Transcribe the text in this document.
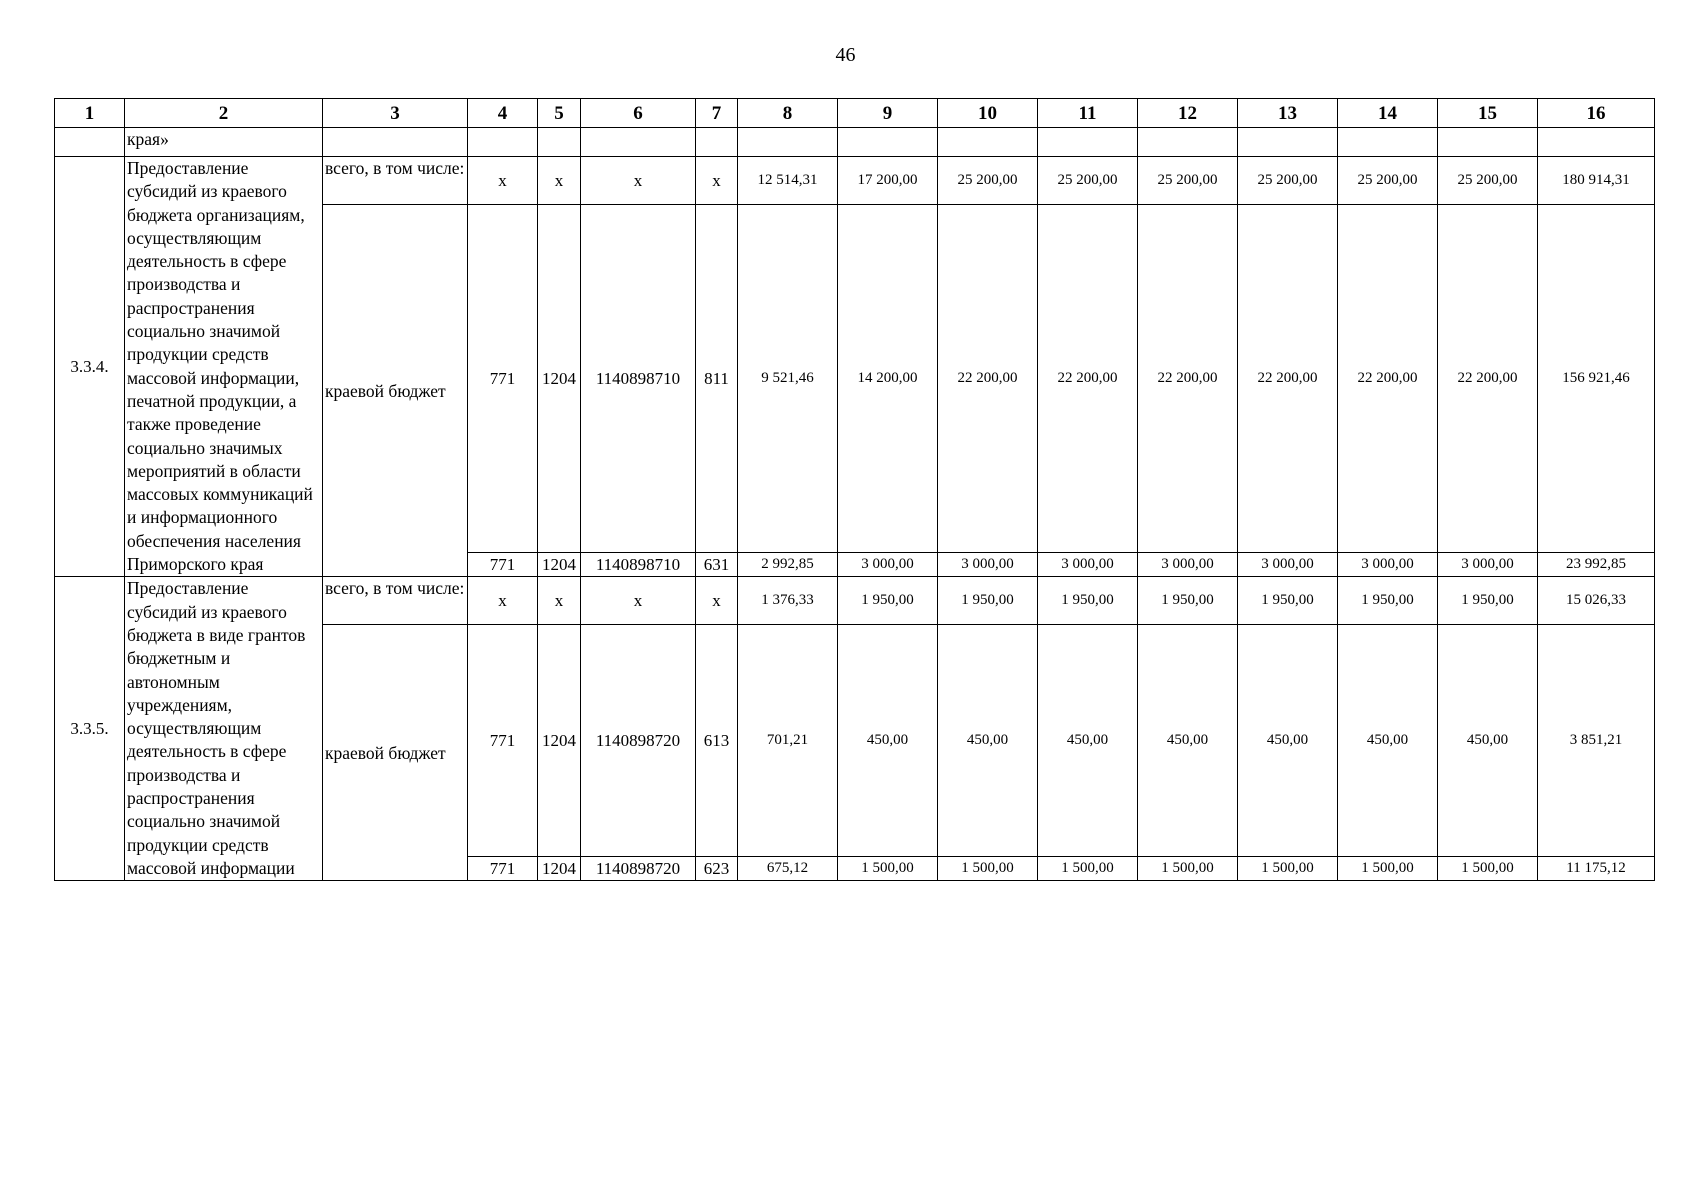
46
1	2	3	4	5	6	7	8	9	10	11	12	13	14	15	16
	края»														
3.3.4.	Предоставление субсидий из краевого бюджета организациям, осуществляющим деятельность в сфере производства и распространения социально значимой продукции средств массовой информации, печатной продукции, а также проведение социально значимых мероприятий в области массовых коммуникаций и информационного обеспечения населения Приморского края	всего, в том числе:	х	х	х	х	12 514,31	17 200,00	25 200,00	25 200,00	25 200,00	25 200,00	25 200,00	25 200,00	180 914,31
		краевой бюджет	771	1204	1140898710	811	9 521,46	14 200,00	22 200,00	22 200,00	22 200,00	22 200,00	22 200,00	22 200,00	156 921,46
			771	1204	1140898710	631	2 992,85	3 000,00	3 000,00	3 000,00	3 000,00	3 000,00	3 000,00	3 000,00	23 992,85
3.3.5.	Предоставление субсидий из краевого бюджета в виде грантов бюджетным и автономным учреждениям, осуществляющим деятельность в сфере производства и распространения социально значимой продукции средств массовой информации	всего, в том числе:	х	х	х	х	1 376,33	1 950,00	1 950,00	1 950,00	1 950,00	1 950,00	1 950,00	1 950,00	15 026,33
		краевой бюджет	771	1204	1140898720	613	701,21	450,00	450,00	450,00	450,00	450,00	450,00	450,00	3 851,21
			771	1204	1140898720	623	675,12	1 500,00	1 500,00	1 500,00	1 500,00	1 500,00	1 500,00	1 500,00	11 175,12
